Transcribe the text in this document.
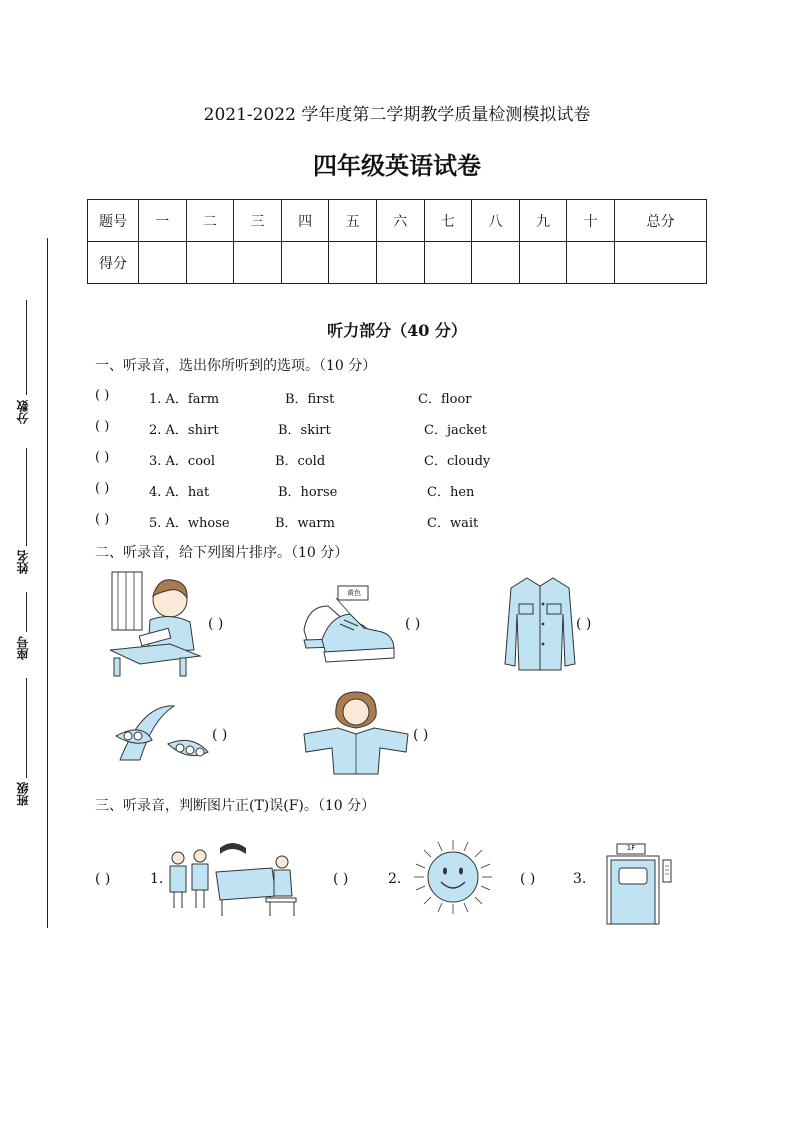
2021-2022 学年度第二学期教学质量检测模拟试卷
四年级英语试卷
题号	一	二	三	四	五	六	七	八	九	十	总分
得分											
分数
姓名
座号
班级
听力部分（40 分）
一、听录音，选出你所听到的选项。（10 分）
( )	1. A．farm	B．first	C．floor
( )	2. A．shirt	B．skirt	C．jacket
( )	3. A．cool	B．cold	C．cloudy
( )	4. A．hat	B．horse	C．hen
( )	5. A．whose	B．warm	C．wait
二、听录音，给下列图片排序。（10 分）
( )
黄色
( )	( )
( )	( )
三、听录音，判断图片正(T)误(F)。（10 分）
( )	1.	( )	2.	( )	3.
1F
